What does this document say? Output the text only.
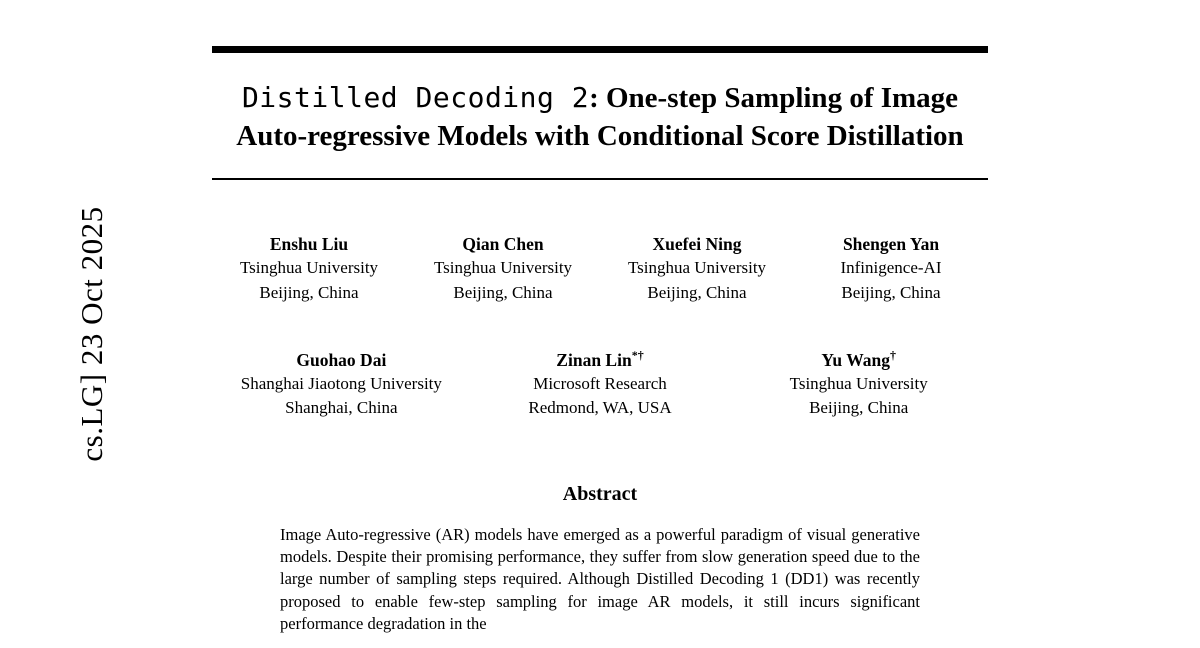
cs.LG] 23 Oct 2025
Distilled Decoding 2: One-step Sampling of Image Auto-regressive Models with Conditional Score Distillation
Enshu Liu
Tsinghua University
Beijing, China
Qian Chen
Tsinghua University
Beijing, China
Xuefei Ning
Tsinghua University
Beijing, China
Shengen Yan
Infinigence-AI
Beijing, China
Guohao Dai
Shanghai Jiaotong University
Shanghai, China
Zinan Lin*†
Microsoft Research
Redmond, WA, USA
Yu Wang†
Tsinghua University
Beijing, China
Abstract

Image Auto-regressive (AR) models have emerged as a powerful paradigm of visual generative models. Despite their promising performance, they suffer from slow generation speed due to the large number of sampling steps required. Although Distilled Decoding 1 (DD1) was recently proposed to enable few-step sampling for image AR models, it still incurs significant performance degradation in the
